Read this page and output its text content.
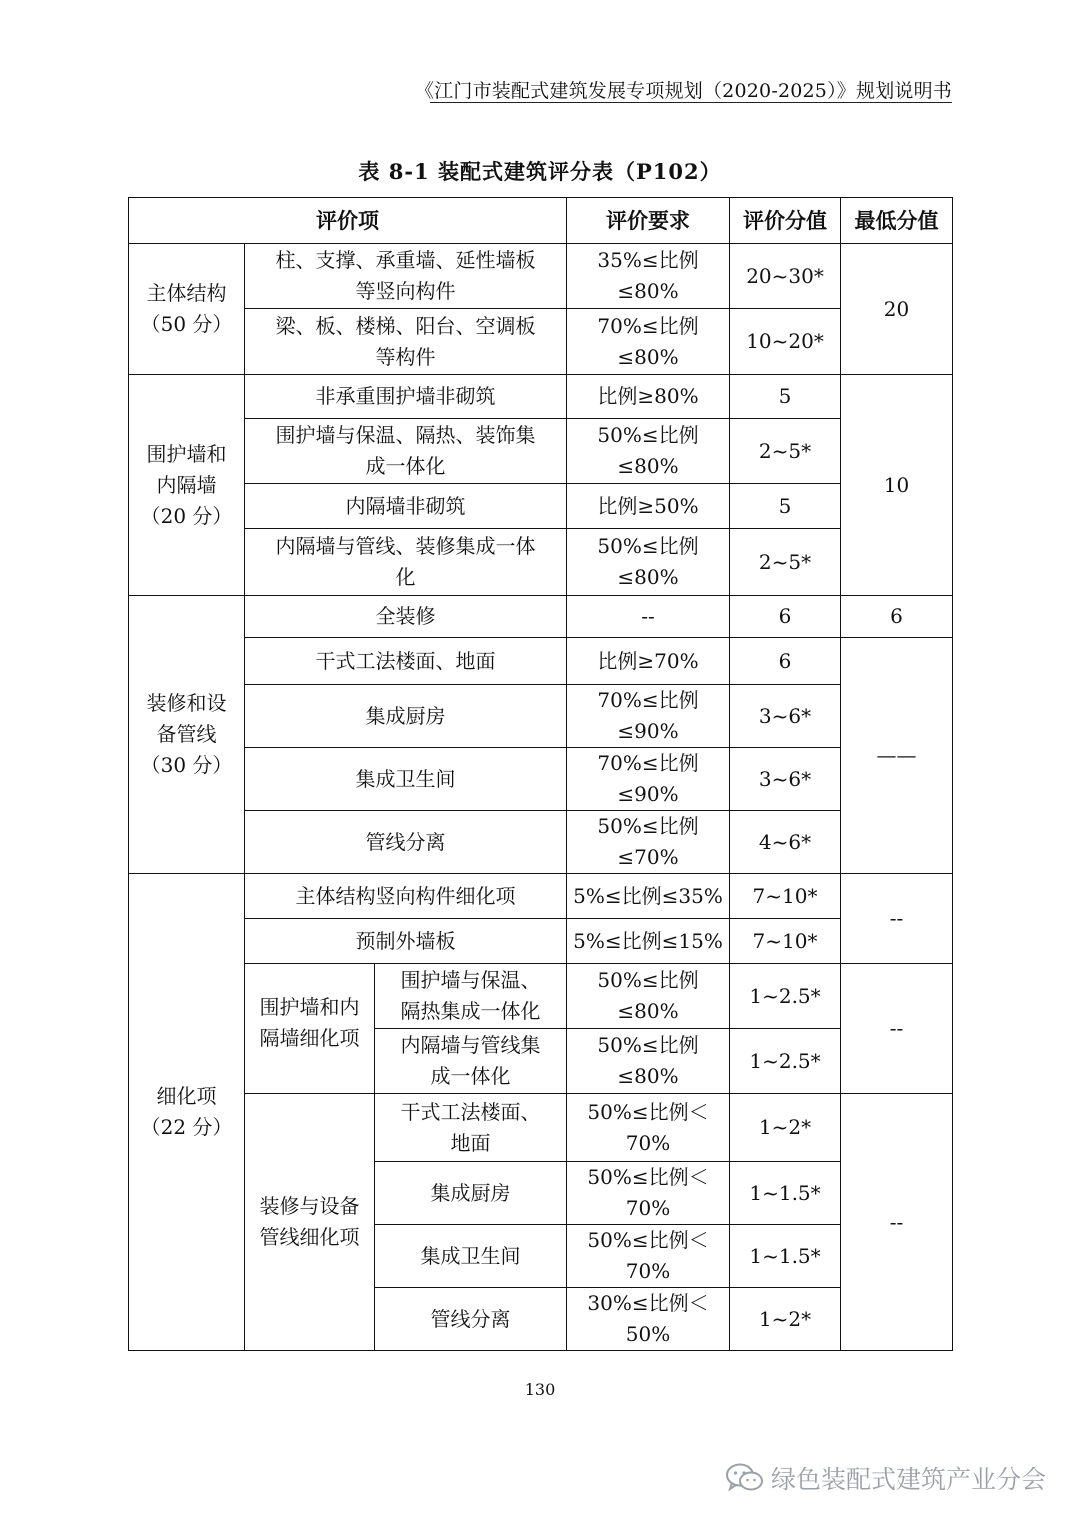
《江门市装配式建筑发展专项规划（2020-2025）》规划说明书
表 8-1 装配式建筑评分表（P102）
评价项			评价要求	评价分值	最低分值
主体结构
（50 分）	柱、支撑、承重墙、延性墙板
等竖向构件		35%≤比例
≤80%	20~30*	20
	梁、板、楼梯、阳台、空调板
等构件		70%≤比例
≤80%	10~20*	
围护墙和
内隔墙
（20 分）	非承重围护墙非砌筑		比例≥80%	5	10
	围护墙与保温、隔热、装饰集
成一体化		50%≤比例
≤80%	2~5*	
	内隔墙非砌筑		比例≥50%	5	
	内隔墙与管线、装修集成一体
化		50%≤比例
≤80%	2~5*	
装修和设
备管线
（30 分）	全装修		--	6	6
	干式工法楼面、地面		比例≥70%	6	——
	集成厨房		70%≤比例
≤90%	3~6*	
	集成卫生间		70%≤比例
≤90%	3~6*	
	管线分离		50%≤比例
≤70%	4~6*	
细化项
（22 分）	主体结构竖向构件细化项		5%≤比例≤35%	7~10*	--
	预制外墙板		5%≤比例≤15%	7~10*	
	围护墙和内
隔墙细化项	围护墙与保温、
隔热集成一体化	50%≤比例
≤80%	1~2.5*	--
		内隔墙与管线集
成一体化	50%≤比例
≤80%	1~2.5*	
	装修与设备
管线细化项	干式工法楼面、
地面	50%≤比例＜
70%	1~2*	--
		集成厨房	50%≤比例＜
70%	1~1.5*	
		集成卫生间	50%≤比例＜
70%	1~1.5*	
		管线分离	30%≤比例＜
50%	1~2*	
130
绿色装配式建筑产业分会
